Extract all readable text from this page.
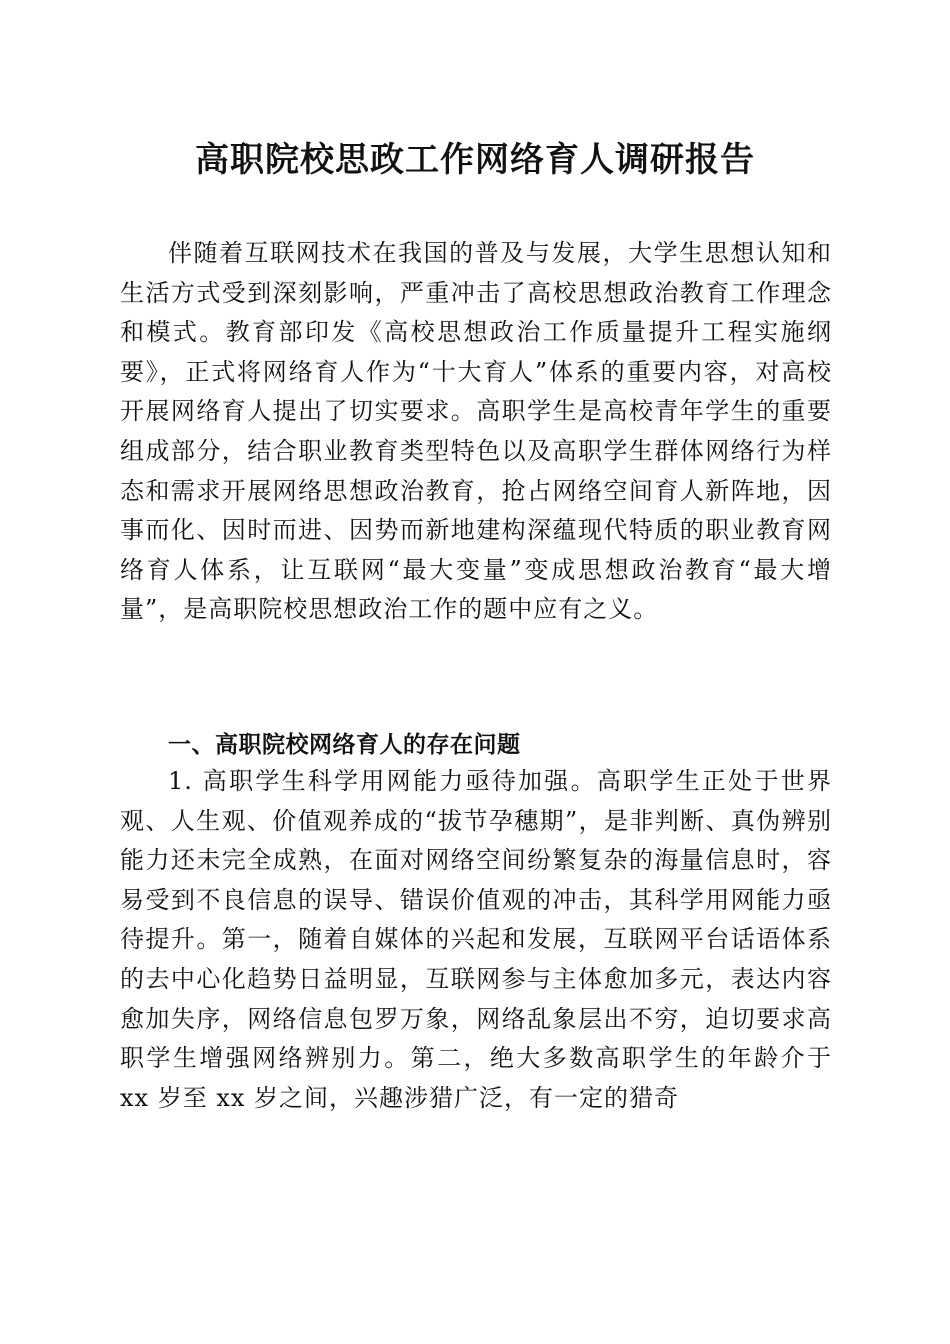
高职院校思政工作网络育人调研报告

伴随着互联网技术在我国的普及与发展，大学生思想认知和生活方式受到深刻影响，严重冲击了高校思想政治教育工作理念和模式。教育部印发《高校思想政治工作质量提升工程实施纲要》，正式将网络育人作为“十大育人”体系的重要内容，对高校开展网络育人提出了切实要求。高职学生是高校青年学生的重要组成部分，结合职业教育类型特色以及高职学生群体网络行为样态和需求开展网络思想政治教育，抢占网络空间育人新阵地，因事而化、因时而进、因势而新地建构深蕴现代特质的职业教育网络育人体系，让互联网“最大变量”变成思想政治教育“最大增量”，是高职院校思想政治工作的题中应有之义。

一、高职院校网络育人的存在问题

1. 高职学生科学用网能力亟待加强。高职学生正处于世界观、人生观、价值观养成的“拔节孕穗期”，是非判断、真伪辨别能力还未完全成熟，在面对网络空间纷繁复杂的海量信息时，容易受到不良信息的误导、错误价值观的冲击，其科学用网能力亟待提升。第一，随着自媒体的兴起和发展，互联网平台话语体系的去中心化趋势日益明显，互联网参与主体愈加多元，表达内容愈加失序，网络信息包罗万象，网络乱象层出不穷，迫切要求高职学生增强网络辨别力。第二，绝大多数高职学生的年龄介于 xx 岁至 xx 岁之间，兴趣涉猎广泛，有一定的猎奇
